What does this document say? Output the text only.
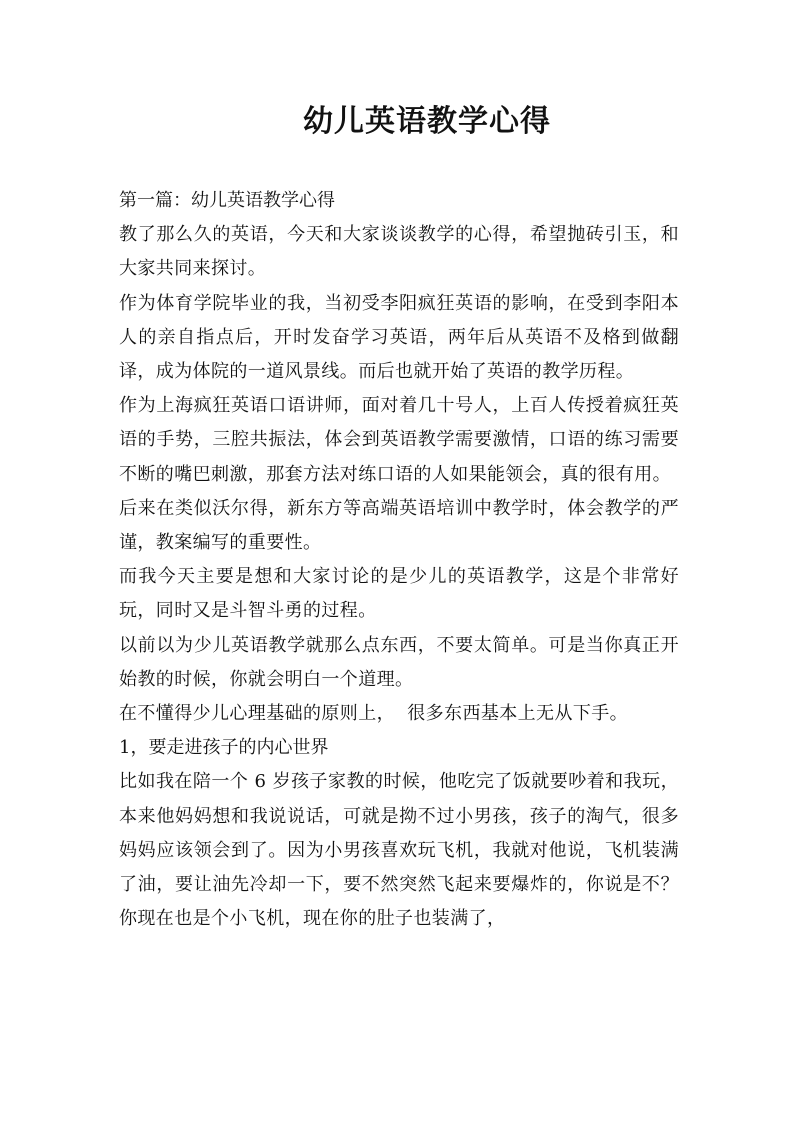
幼儿英语教学心得

第一篇：幼儿英语教学心得

教了那么久的英语，今天和大家谈谈教学的心得，希望抛砖引玉，和大家共同来探讨。

作为体育学院毕业的我，当初受李阳疯狂英语的影响，在受到李阳本人的亲自指点后，开时发奋学习英语，两年后从英语不及格到做翻译，成为体院的一道风景线。而后也就开始了英语的教学历程。

作为上海疯狂英语口语讲师，面对着几十号人，上百人传授着疯狂英语的手势，三腔共振法，体会到英语教学需要激情，口语的练习需要不断的嘴巴刺激，那套方法对练口语的人如果能领会，真的很有用。

后来在类似沃尔得，新东方等高端英语培训中教学时，体会教学的严谨，教案编写的重要性。

而我今天主要是想和大家讨论的是少儿的英语教学，这是个非常好玩，同时又是斗智斗勇的过程。

以前以为少儿英语教学就那么点东西，不要太简单。可是当你真正开始教的时候，你就会明白一个道理。

在不懂得少儿心理基础的原则上，  很多东西基本上无从下手。

1，要走进孩子的内心世界

比如我在陪一个 6 岁孩子家教的时候，他吃完了饭就要吵着和我玩，本来他妈妈想和我说说话，可就是拗不过小男孩，孩子的淘气，很多妈妈应该领会到了。因为小男孩喜欢玩飞机，我就对他说，飞机装满了油，要让油先冷却一下，要不然突然飞起来要爆炸的，你说是不？  你现在也是个小飞机，现在你的肚子也装满了，
